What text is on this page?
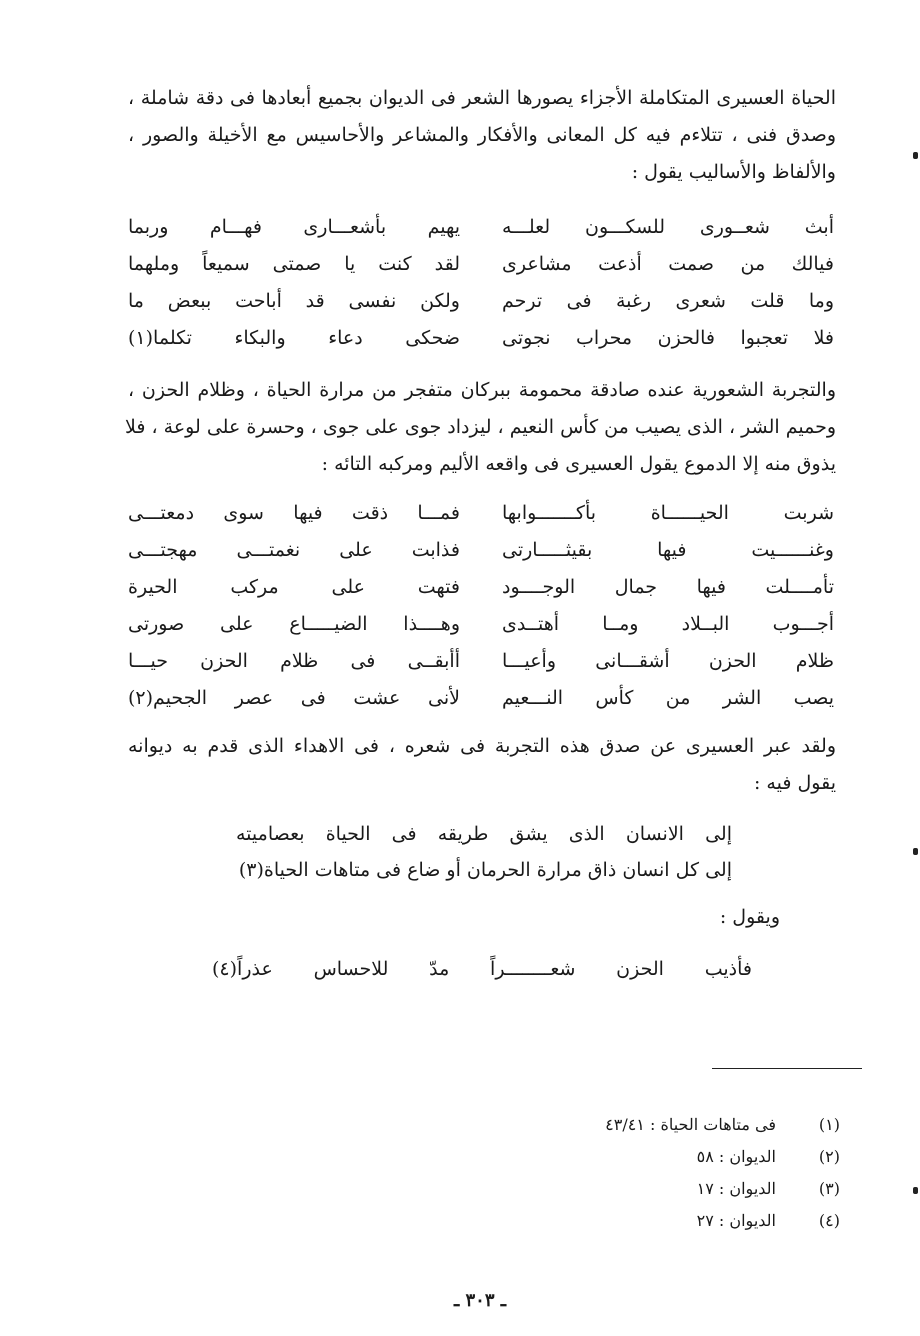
الحياة العسيرى المتكاملة الأجزاء يصورها الشعر فى الديوان بجميع أبعادها فى دقة شاملة ،
وصدق فنى ، تتلاءم فيه كل المعانى والأفكار والمشاعر والأحاسيس مع الأخيلة والصور ،
والألفاظ والأساليب يقول :
أبث شعــورى للسكـــون لعلـــه
يهيم بأشعـــارى فهـــام وربما
فيالك من صمت أذعت مشاعرى
لقد كنت يا صمتى سميعاً وملهما
وما قلت شعرى رغبة فى ترحم
ولكن نفسى قد أباحت ببعض ما
فلا تعجبوا فالحزن محراب نجوتى
ضحكى دعاء والبكاء تكلما(١)
والتجربة الشعورية عنده صادقة محمومة ببركان متفجر من مرارة الحياة ، وظلام الحزن ،
وحميم الشر ، الذى يصيب من كأس النعيم ، ليزداد جوى على جوى ، وحسرة على لوعة ، فلا
يذوق منه إلا الدموع يقول العسيرى فى واقعه الأليم ومركبه التائه :
شربت الحيــــــاة بأكـــــــوابها
فمـــا ذقت فيها سوى دمعتـــى
وغنــــــيت فيها بقيثـــــارتى
فذابت على نغمتـــى مهجتـــى
تأمــــلت فيها جمال الوجــــود
فتهت على مركب الحيرة
أجـــوب البــلاد ومــا أهتــدى
وهــــذا الضيـــــاع على صورتى
ظلام الحزن أشقـــانى وأعيـــا
أأبقــى فى ظلام الحزن حيـــا
يصب الشر من كأس النـــعيم
لأنى عشت فى عصر الجحيم(٢)
ولقد عبر العسيرى عن صدق هذه التجربة فى شعره ، فى الاهداء الذى قدم به ديوانه
يقول فيه :
إلى الانسان الذى يشق طريقه فى الحياة بعصاميته
إلى كل انسان ذاق مرارة الحرمان أو ضاع فى متاهات الحياة(٣)
ويقول :
فأذيب الحزن شعــــــــراً مدّ للاحساس عذراً(٤)
(١)
فى متاهات الحياة : ٤٣/٤١
(٢)
الديوان : ٥٨
(٣)
الديوان : ١٧
(٤)
الديوان : ٢٧
ـ ٣٠٣ ـ
